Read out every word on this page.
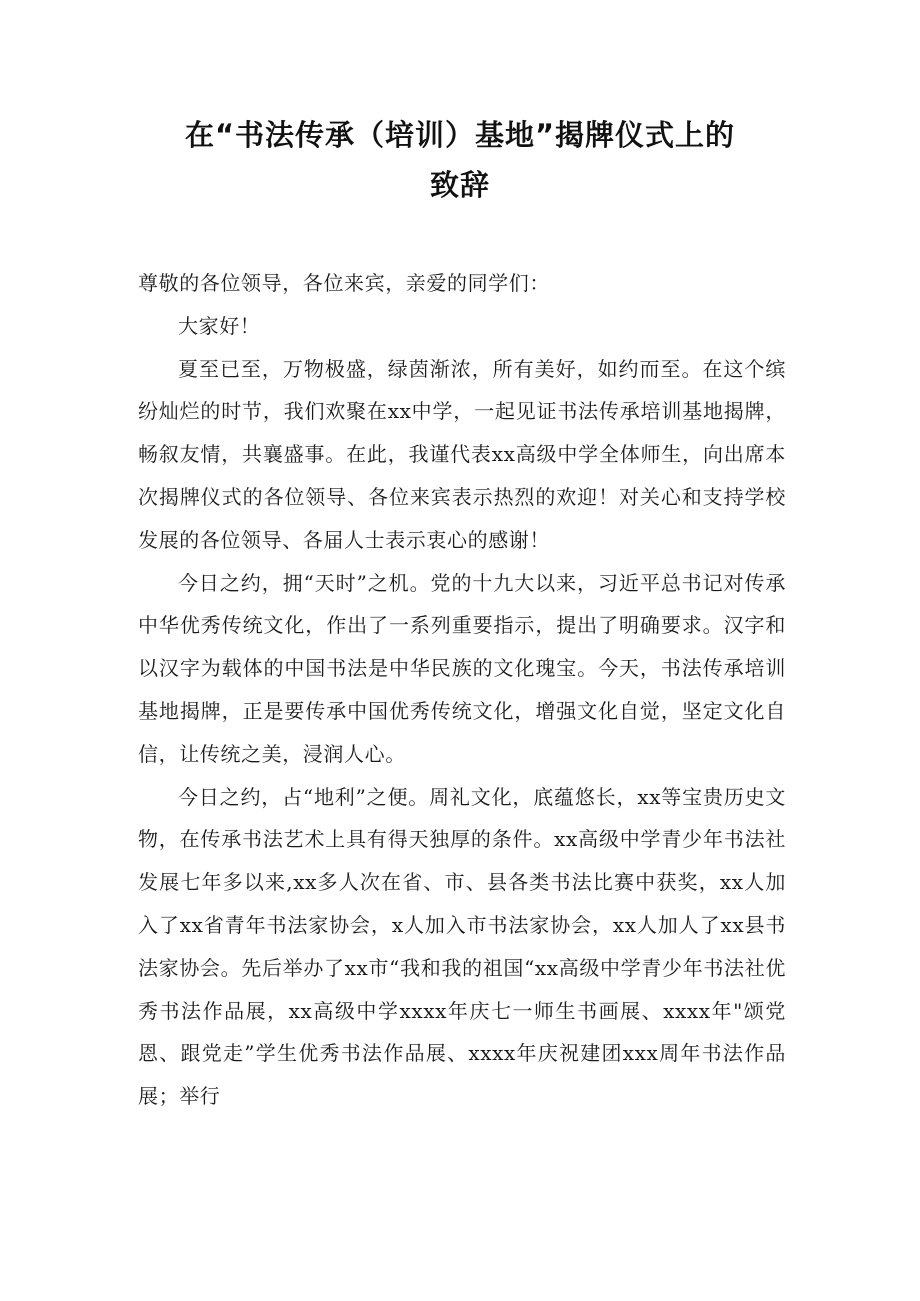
在“书法传承（培训）基地”揭牌仪式上的
致辞

尊敬的各位领导，各位来宾，亲爱的同学们：

大家好！

夏至已至，万物极盛，绿茵渐浓，所有美好，如约而至。在这个缤纷灿烂的时节，我们欢聚在xx中学，一起见证书法传承培训基地揭牌，畅叙友情，共襄盛事。在此，我谨代表xx高级中学全体师生，向出席本次揭牌仪式的各位领导、各位来宾表示热烈的欢迎！对关心和支持学校发展的各位领导、各届人士表示衷心的感谢！

今日之约，拥“天时”之机。党的十九大以来，习近平总书记对传承中华优秀传统文化，作出了一系列重要指示，提出了明确要求。汉字和以汉字为载体的中国书法是中华民族的文化瑰宝。今天，书法传承培训基地揭牌，正是要传承中国优秀传统文化，增强文化自觉，坚定文化自信，让传统之美，浸润人心。

今日之约，占“地利”之便。周礼文化，底蕴悠长，xx等宝贵历史文物，在传承书法艺术上具有得天独厚的条件。xx高级中学青少年书法社发展七年多以来,xx多人次在省、市、县各类书法比赛中获奖，xx人加入了xx省青年书法家协会，x人加入市书法家协会，xx人加人了xx县书法家协会。先后举办了xx市“我和我的祖国“xx高级中学青少年书法社优秀书法作品展，xx高级中学xxxx年庆七一师生书画展、xxxx年"颂党恩、跟党走”学生优秀书法作品展、xxxx年庆祝建团xxx周年书法作品展；举行
